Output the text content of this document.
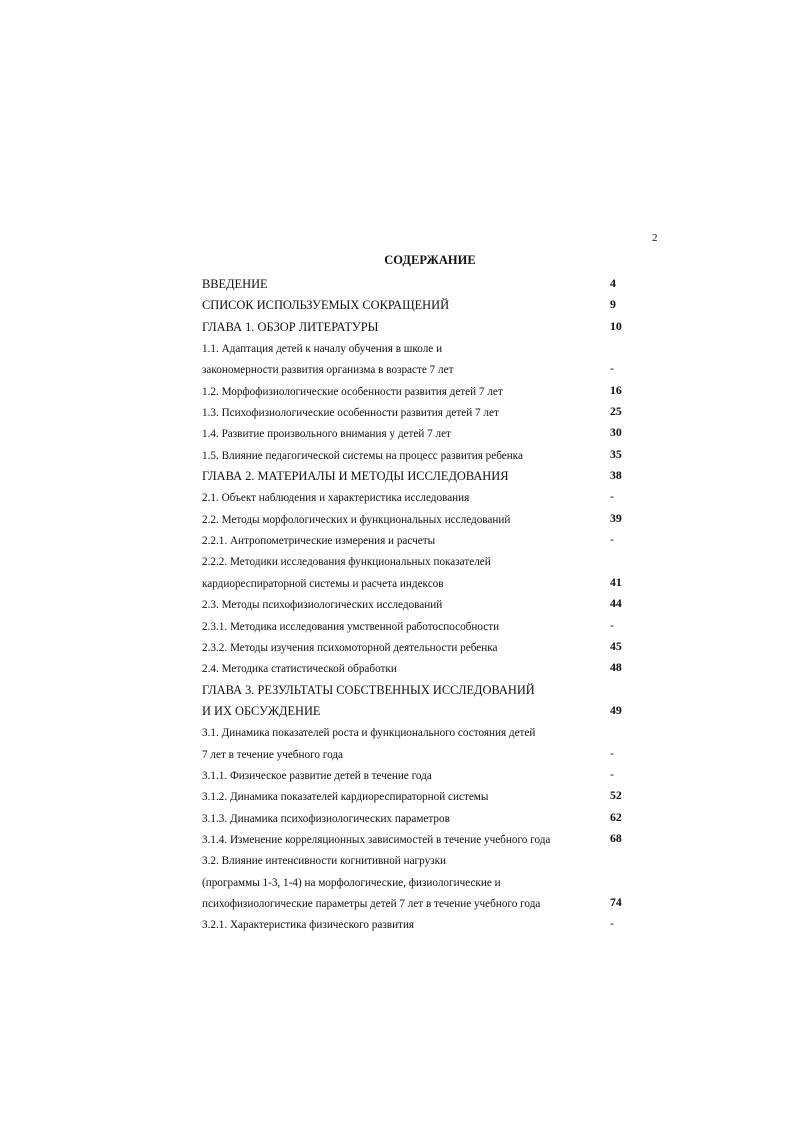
2
СОДЕРЖАНИЕ
ВВЕДЕНИЕ	4
СПИСОК ИСПОЛЬЗУЕМЫХ СОКРАЩЕНИЙ	9
ГЛАВА 1. ОБЗОР ЛИТЕРАТУРЫ	10
1.1. Адаптация детей к началу обучения в школе и
закономерности развития организма в возрасте 7 лет	-
1.2. Морфофизиологические особенности развития детей 7 лет	16
1.3. Психофизиологические особенности развития детей 7 лет	25
1.4. Развитие произвольного внимания у детей 7 лет	30
1.5. Влияние педагогической системы на процесс развития ребенка	35
ГЛАВА 2. МАТЕРИАЛЫ И МЕТОДЫ ИССЛЕДОВАНИЯ	38
2.1. Объект наблюдения и характеристика исследования	-
2.2. Методы морфологических и функциональных исследований	39
2.2.1. Антропометрические измерения и расчеты	-
2.2.2. Методики исследования функциональных показателей
кардиореспираторной системы и расчета индексов	41
2.3. Методы психофизиологических исследований	44
2.3.1. Методика исследования умственной работоспособности	-
2.3.2. Методы изучения психомоторной деятельности ребенка	45
2.4. Методика статистической обработки	48
ГЛАВА 3. РЕЗУЛЬТАТЫ СОБСТВЕННЫХ ИССЛЕДОВАНИЙ
И ИХ ОБСУЖДЕНИЕ	49
3.1. Динамика показателей роста и функционального состояния детей
7 лет в течение учебного года	-
3.1.1. Физическое развитие детей в течение года	-
3.1.2. Динамика показателей кардиореспираторной системы	52
3.1.3. Динамика психофизиологических параметров	62
3.1.4. Изменение корреляционных зависимостей в течение учебного года	68
3.2. Влияние интенсивности когнитивной нагрузки
(программы 1-3, 1-4) на морфологические, физиологические и
психофизиологические параметры детей 7 лет в течение учебного года	74
3.2.1. Характеристика физического развития	-
